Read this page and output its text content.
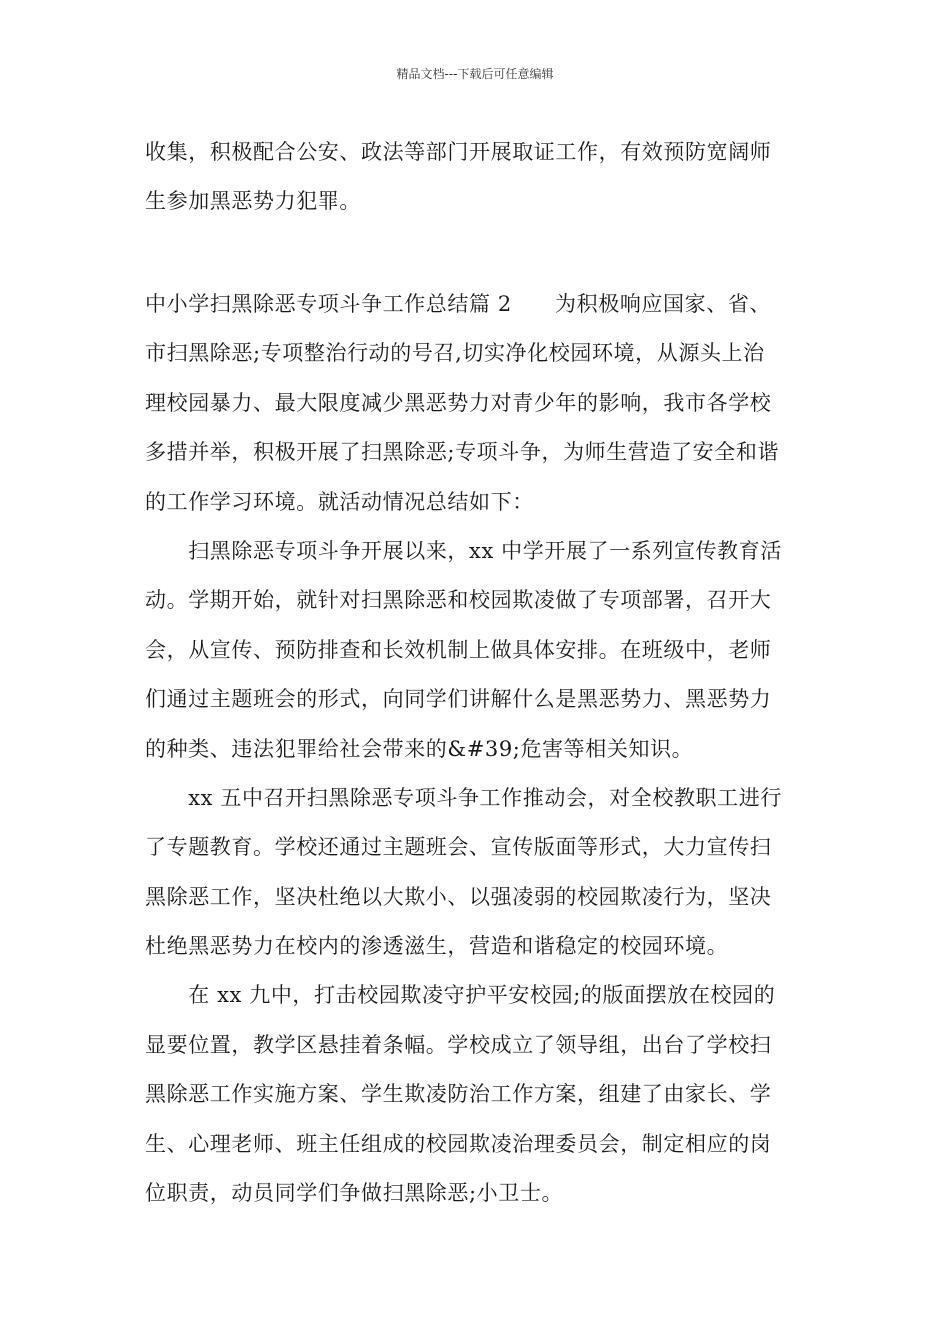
精品文档---下载后可任意编辑
收集，积极配合公安、政法等部门开展取证工作，有效预防宽阔师
生参加黑恶势力犯罪。
中小学扫黑除恶专项斗争工作总结篇 2　　为积极响应国家、省、
市扫黑除恶;专项整治行动的号召,切实净化校园环境，从源头上治
理校园暴力、最大限度减少黑恶势力对青少年的影响，我市各学校
多措并举，积极开展了扫黑除恶;专项斗争，为师生营造了安全和谐
的工作学习环境。就活动情况总结如下：
　　扫黑除恶专项斗争开展以来，xx 中学开展了一系列宣传教育活
动。学期开始，就针对扫黑除恶和校园欺凌做了专项部署，召开大
会，从宣传、预防排查和长效机制上做具体安排。在班级中，老师
们通过主题班会的形式，向同学们讲解什么是黑恶势力、黑恶势力
的种类、违法犯罪给社会带来的&#39;危害等相关知识。
　　xx 五中召开扫黑除恶专项斗争工作推动会，对全校教职工进行
了专题教育。学校还通过主题班会、宣传版面等形式，大力宣传扫
黑除恶工作，坚决杜绝以大欺小、以强凌弱的校园欺凌行为，坚决
杜绝黑恶势力在校内的渗透滋生，营造和谐稳定的校园环境。
　　在 xx 九中，打击校园欺凌守护平安校园;的版面摆放在校园的
显要位置，教学区悬挂着条幅。学校成立了领导组，出台了学校扫
黑除恶工作实施方案、学生欺凌防治工作方案，组建了由家长、学
生、心理老师、班主任组成的校园欺凌治理委员会，制定相应的岗
位职责，动员同学们争做扫黑除恶;小卫士。
